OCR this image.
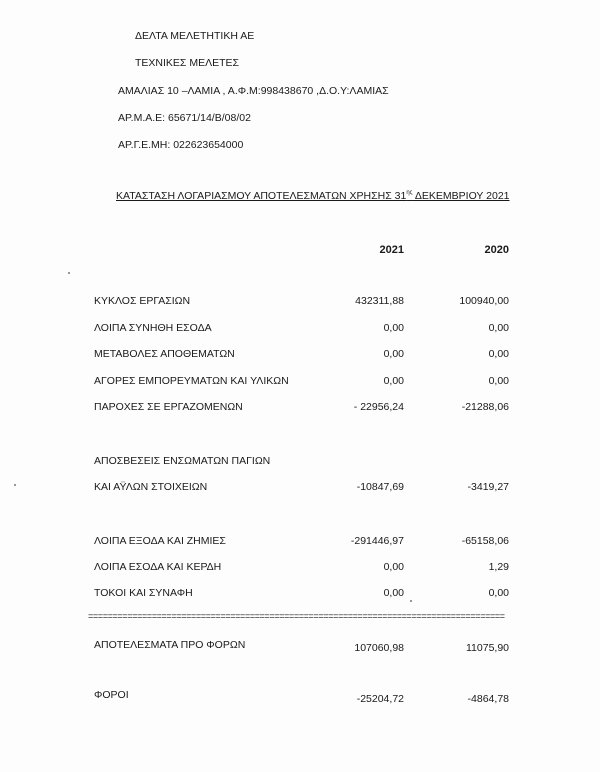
ΔΕΛΤΑ ΜΕΛΕΤΗΤΙΚΗ ΑΕ
ΤΕΧΝΙΚΕΣ ΜΕΛΕΤΕΣ
ΑΜΑΛΙΑΣ 10 –ΛΑΜΙΑ , Α.Φ.Μ:998438670 ,Δ.Ο.Υ:ΛΑΜΙΑΣ
ΑΡ.Μ.Α.Ε: 65671/14/Β/08/02
ΑΡ.Γ.Ε.ΜΗ: 022623654000
ΚΑΤΑΣΤΑΣΗ ΛΟΓΑΡΙΑΣΜΟΥ ΑΠΟΤΕΛΕΣΜΑΤΩΝ ΧΡΗΣΗΣ $31^{\eta\varsigma}$ ΔΕΚΕΜΒΡΙΟΥ 2021
2021	2020
ΚΥΚΛΟΣ ΕΡΓΑΣΙΩΝ	432311,88	100940,00
ΛΟΙΠΑ ΣΥΝΗΘΗ ΕΣΟΔΑ	0,00	0,00
ΜΕΤΑΒΟΛΕΣ ΑΠΟΘΕΜΑΤΩΝ	0,00	0,00
ΑΓΟΡΕΣ ΕΜΠΟΡΕΥΜΑΤΩΝ ΚΑΙ ΥΛΙΚΩΝ	0,00	0,00
ΠΑΡΟΧΕΣ ΣΕ ΕΡΓΑΖΟΜΕΝΩΝ	- 22956,24	-21288,06
ΑΠΟΣΒΕΣΕΙΣ ΕΝΣΩΜΑΤΩΝ ΠΑΓΙΩΝ
ΚΑΙ ΑΫΛΩΝ ΣΤΟΙΧΕΙΩΝ	-10847,69	-3419,27
ΛΟΙΠΑ ΕΞΟΔΑ ΚΑΙ ΖΗΜΙΕΣ	-291446,97	-65158,06
ΛΟΙΠΑ ΕΣΟΔΑ ΚΑΙ ΚΕΡΔΗ	0,00	1,29
ΤΟΚΟΙ ΚΑΙ ΣΥΝΑΦΗ	0,00	0,00
=====================================================================================
ΑΠΟΤΕΛΕΣΜΑΤΑ ΠΡΟ ΦΟΡΩΝ	107060,98	11075,90
ΦΟΡΟΙ	-25204,72	-4864,78
